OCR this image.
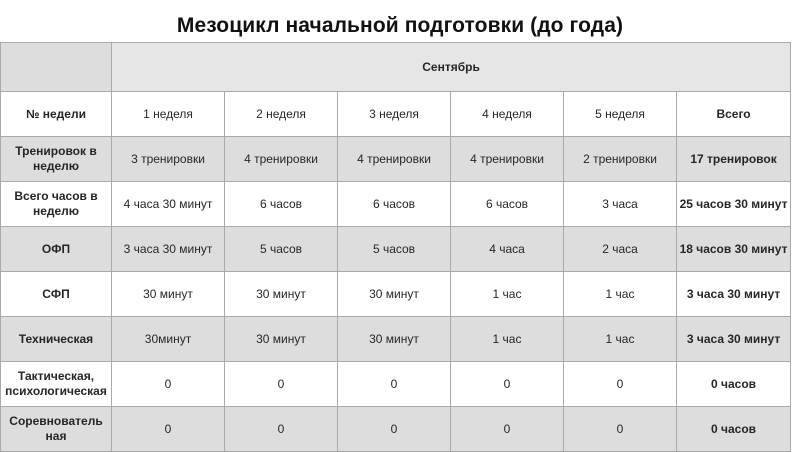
Мезоцикл начальной подготовки (до года)
	Сентябрь					
№ недели	1 неделя	2 неделя	3 неделя	4 неделя	5 неделя	Всего
Тренировок в неделю	3 тренировки	4 тренировки	4 тренировки	4 тренировки	2 тренировки	17 тренировок
Всего часов в неделю	4 часа 30 минут	6 часов	6 часов	6 часов	3 часа	25 часов 30 минут
ОФП	3 часа 30 минут	5 часов	5 часов	4 часа	2 часа	18 часов 30 минут
СФП	30 минут	30 минут	30 минут	1 час	1 час	3 часа 30 минут
Техническая	30минут	30 минут	30 минут	1 час	1 час	3 часа 30 минут
Тактическая, психологическая	0	0	0	0	0	0 часов
Соревнователь ная	0	0	0	0	0	0 часов
